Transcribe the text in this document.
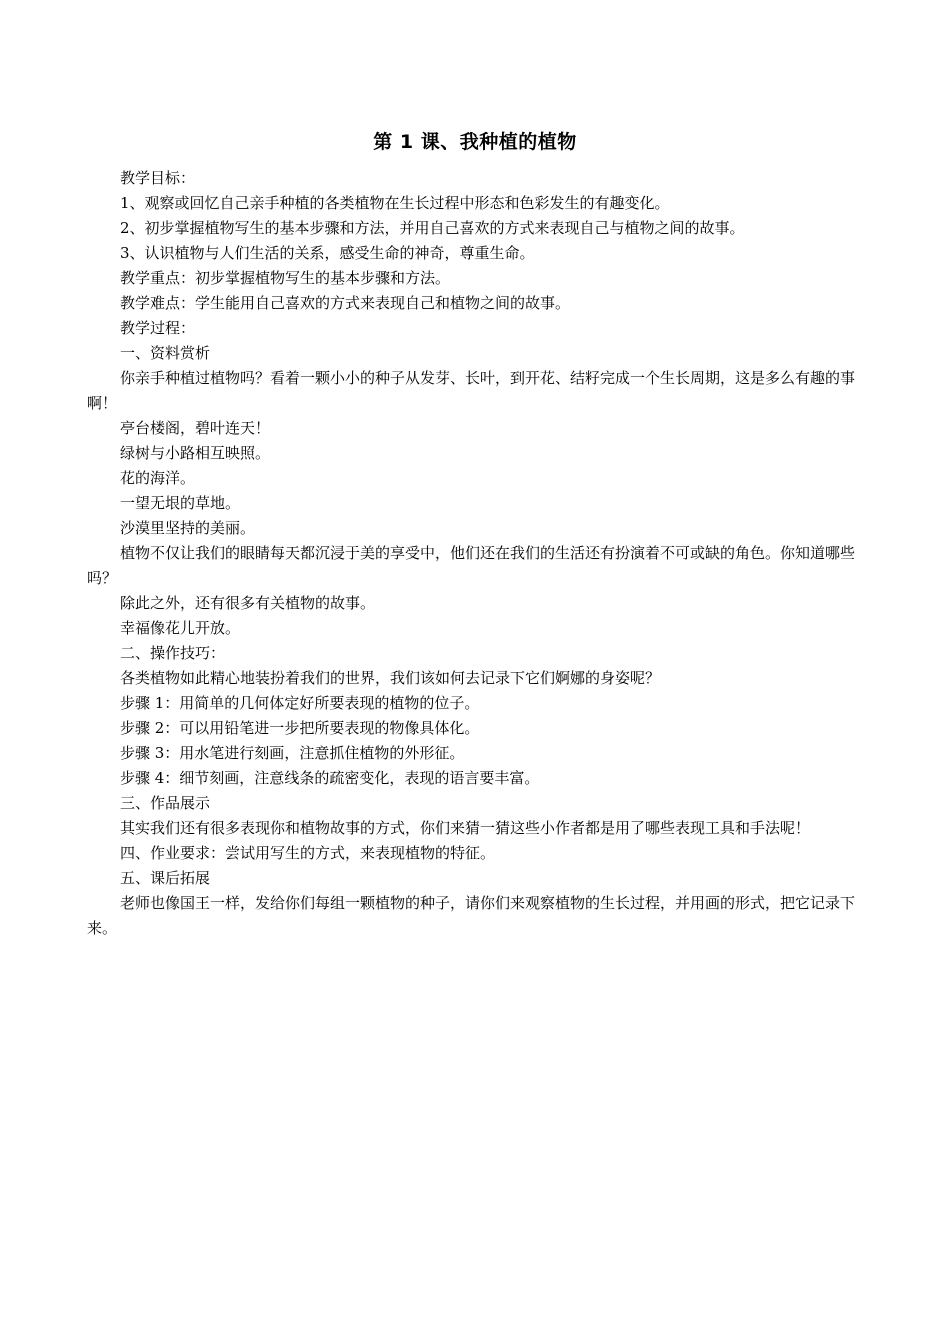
第 1 课、我种植的植物

教学目标：

1、观察或回忆自己亲手种植的各类植物在生长过程中形态和色彩发生的有趣变化。

2、初步掌握植物写生的基本步骤和方法，并用自己喜欢的方式来表现自己与植物之间的故事。

3、认识植物与人们生活的关系，感受生命的神奇，尊重生命。

教学重点：初步掌握植物写生的基本步骤和方法。

教学难点：学生能用自己喜欢的方式来表现自己和植物之间的故事。

教学过程：

一、资料赏析

你亲手种植过植物吗？看着一颗小小的种子从发芽、长叶，到开花、结籽完成一个生长周期，这是多么有趣的事啊！

亭台楼阁，碧叶连天！

绿树与小路相互映照。

花的海洋。

一望无垠的草地。

沙漠里坚持的美丽。

植物不仅让我们的眼睛每天都沉浸于美的享受中，他们还在我们的生活还有扮演着不可或缺的角色。你知道哪些吗？

除此之外，还有很多有关植物的故事。

幸福像花儿开放。

二、操作技巧：

各类植物如此精心地装扮着我们的世界，我们该如何去记录下它们婀娜的身姿呢？

步骤 1：用简单的几何体定好所要表现的植物的位子。

步骤 2：可以用铅笔进一步把所要表现的物像具体化。

步骤 3：用水笔进行刻画，注意抓住植物的外形征。

步骤 4：细节刻画，注意线条的疏密变化，表现的语言要丰富。

三、作品展示

其实我们还有很多表现你和植物故事的方式，你们来猜一猜这些小作者都是用了哪些表现工具和手法呢！

四、作业要求：尝试用写生的方式，来表现植物的特征。

五、课后拓展

老师也像国王一样，发给你们每组一颗植物的种子，请你们来观察植物的生长过程，并用画的形式，把它记录下来。
